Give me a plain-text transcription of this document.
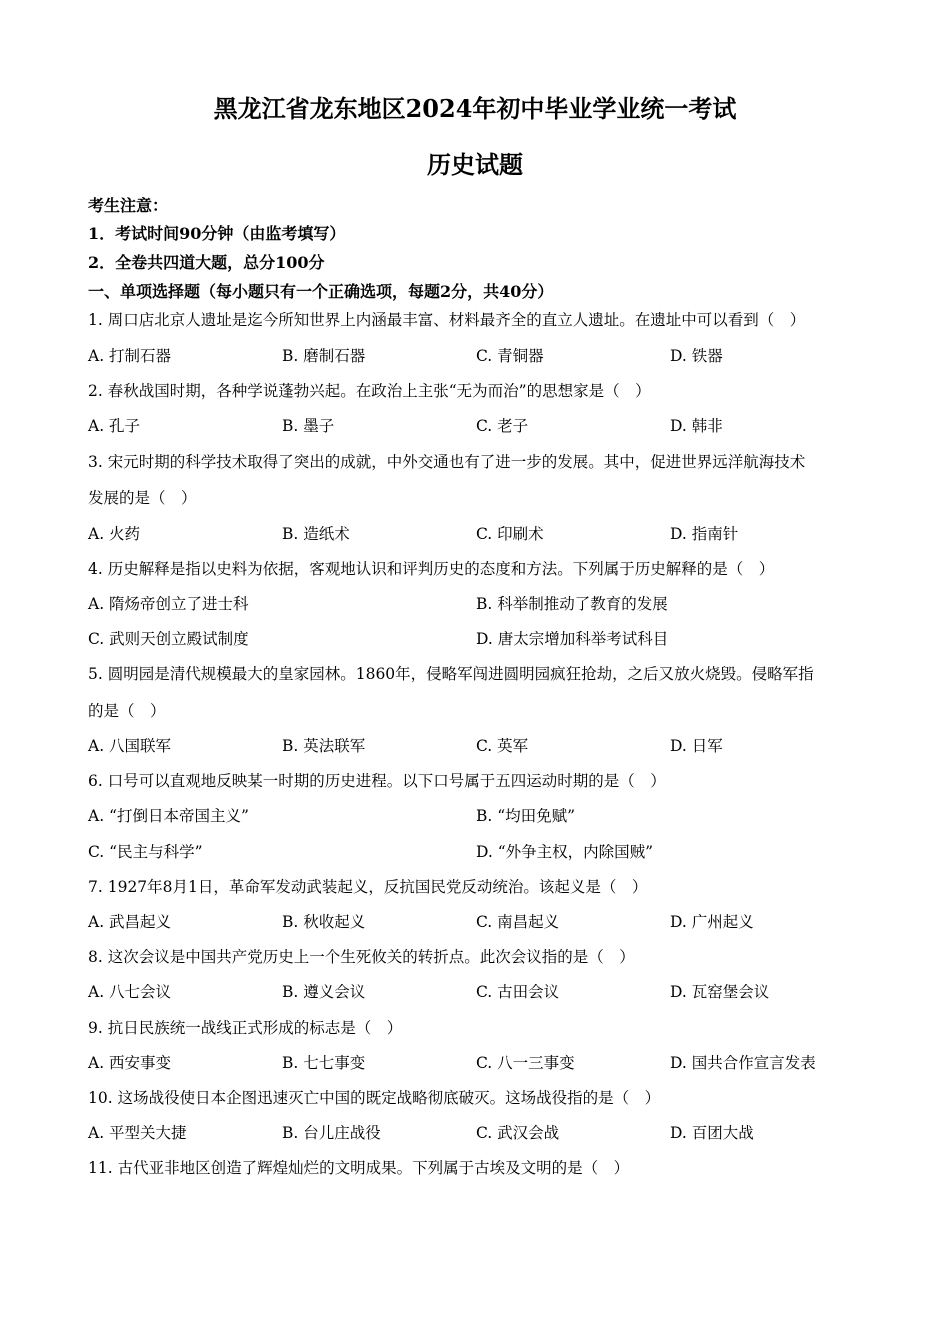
黑龙江省龙东地区2024年初中毕业学业统一考试
历史试题
考生注意：
1．考试时间90分钟（由监考填写）
2．全卷共四道大题，总分100分
一、单项选择题（每小题只有一个正确选项，每题2分，共40分）
1. 周口店北京人遗址是迄今所知世界上内涵最丰富、材料最齐全的直立人遗址。在遗址中可以看到（　）
A. 打制石器	B. 磨制石器	C. 青铜器	D. 铁器
2. 春秋战国时期，各种学说蓬勃兴起。在政治上主张“无为而治”的思想家是（　）
A. 孔子	B. 墨子	C. 老子	D. 韩非
3. 宋元时期的科学技术取得了突出的成就，中外交通也有了进一步的发展。其中，促进世界远洋航海技术
发展的是（　）
A. 火药	B. 造纸术	C. 印刷术	D. 指南针
4. 历史解释是指以史料为依据，客观地认识和评判历史的态度和方法。下列属于历史解释的是（　）
A. 隋炀帝创立了进士科	B. 科举制推动了教育的发展
C. 武则天创立殿试制度	D. 唐太宗增加科举考试科目
5. 圆明园是清代规模最大的皇家园林。1860年，侵略军闯进圆明园疯狂抢劫，之后又放火烧毁。侵略军指
的是（　）
A. 八国联军	B. 英法联军	C. 英军	D. 日军
6. 口号可以直观地反映某一时期的历史进程。以下口号属于五四运动时期的是（　）
A. “打倒日本帝国主义”	B. “均田免赋”
C. “民主与科学”	D. “外争主权，内除国贼”
7. 1927年8月1日，革命军发动武装起义，反抗国民党反动统治。该起义是（　）
A. 武昌起义	B. 秋收起义	C. 南昌起义	D. 广州起义
8. 这次会议是中国共产党历史上一个生死攸关的转折点。此次会议指的是（　）
A. 八七会议	B. 遵义会议	C. 古田会议	D. 瓦窑堡会议
9. 抗日民族统一战线正式形成的标志是（　）
A. 西安事变	B. 七七事变	C. 八一三事变	D. 国共合作宣言发表
10. 这场战役使日本企图迅速灭亡中国的既定战略彻底破灭。这场战役指的是（　）
A. 平型关大捷	B. 台儿庄战役	C. 武汉会战	D. 百团大战
11. 古代亚非地区创造了辉煌灿烂的文明成果。下列属于古埃及文明的是（　）
